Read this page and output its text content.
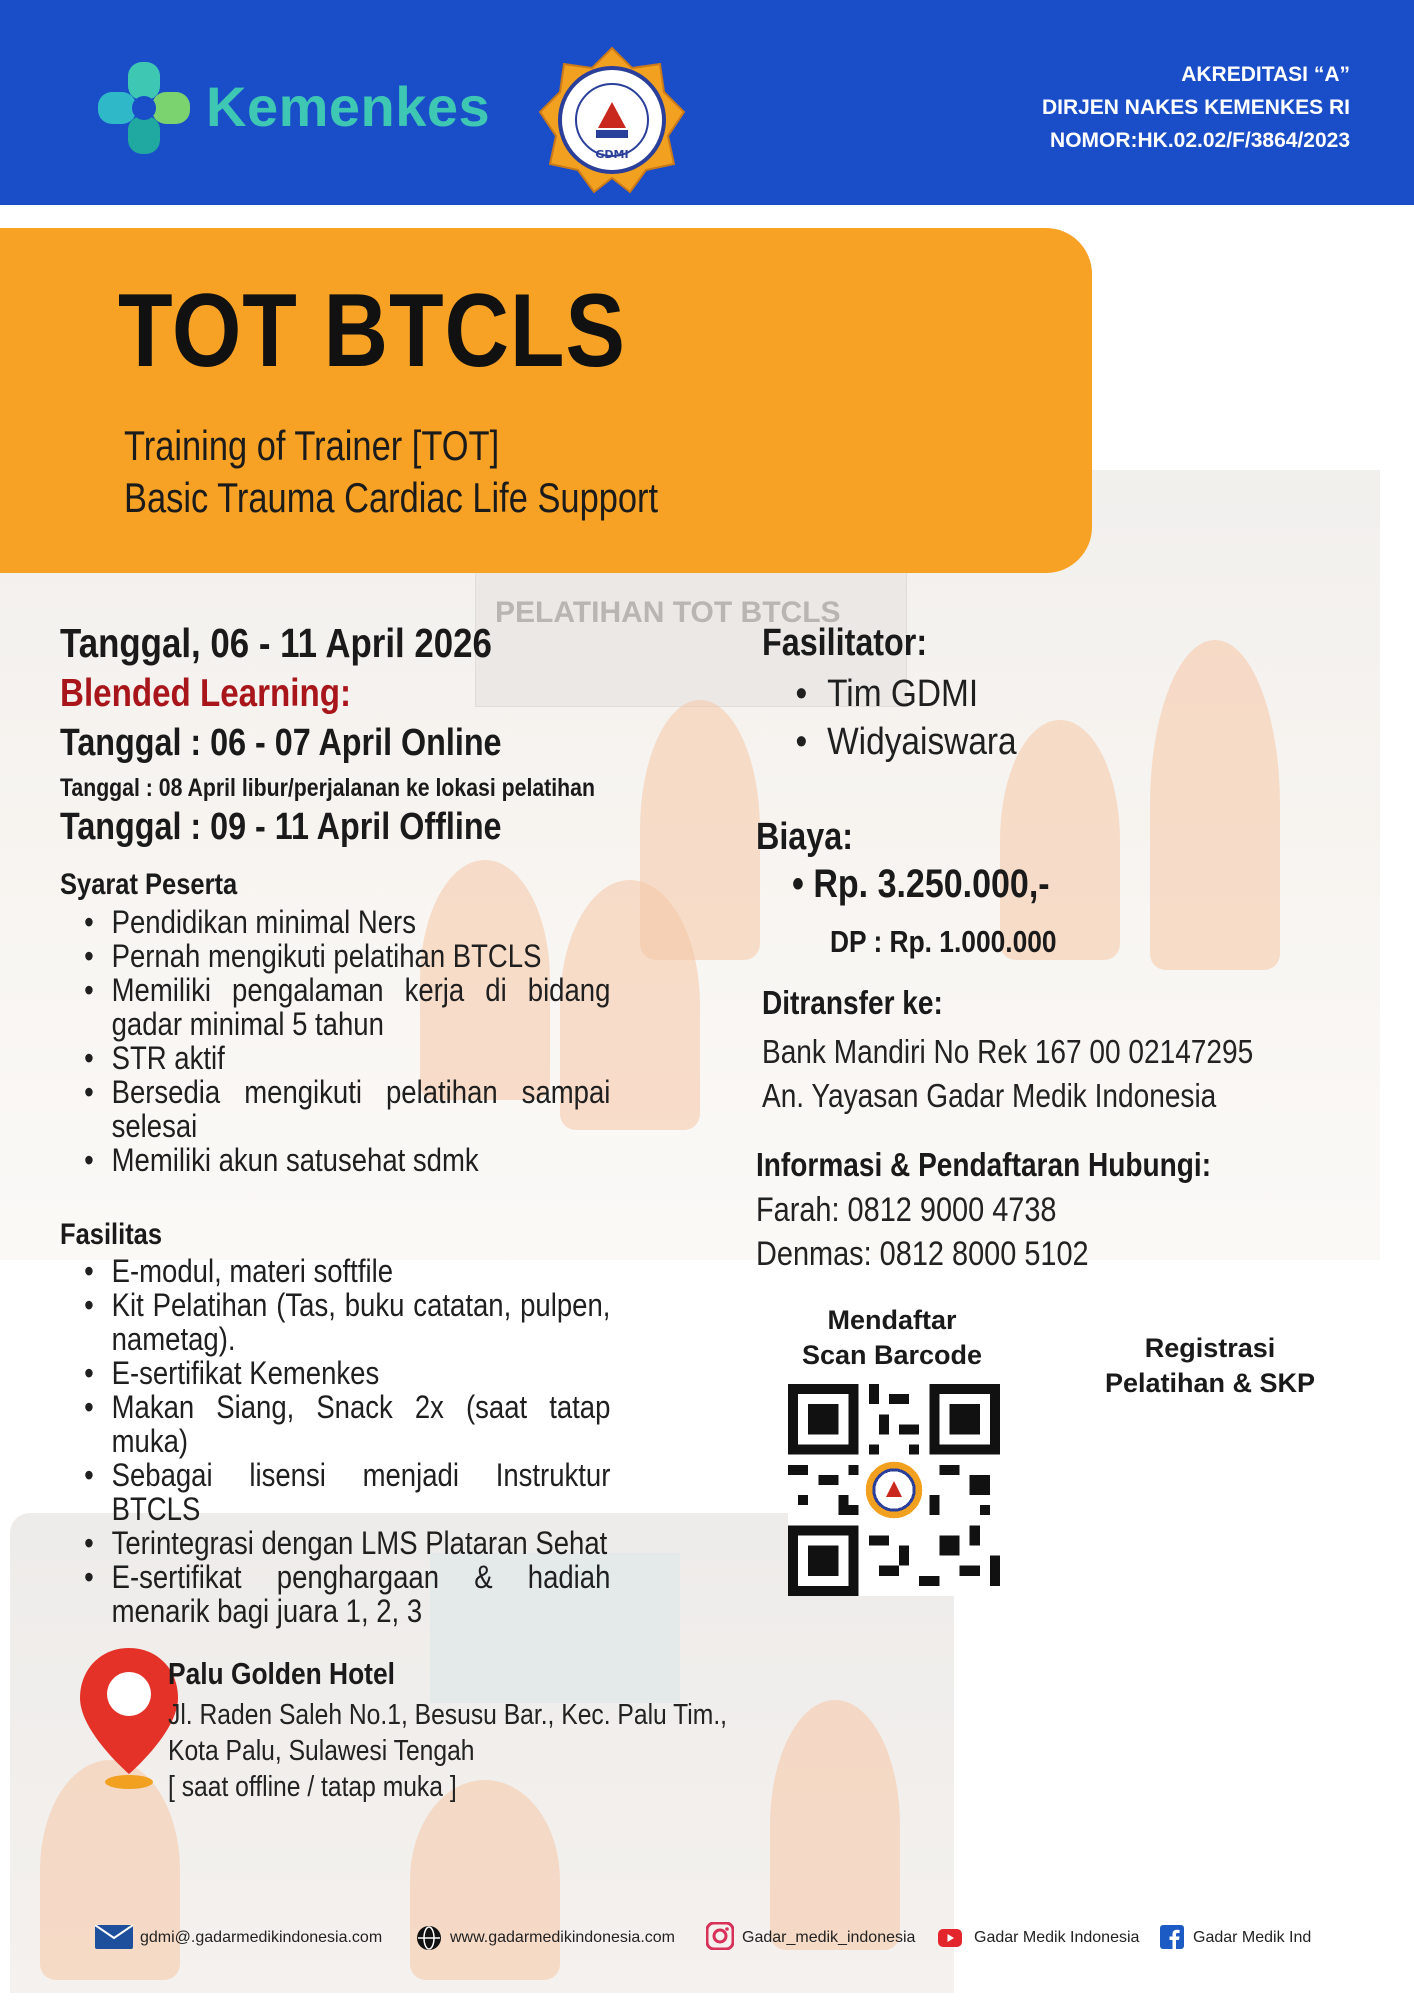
Kemenkes
GDMI
AKREDITASI “A”
DIRJEN NAKES KEMENKES RI
NOMOR:HK.02.02/F/3864/2023
PELATIHAN TOT BTCLS
TOT BTCLS
Training of Trainer [TOT]
Basic Trauma Cardiac Life Support
Tanggal, 06 - 11 April 2026
Blended Learning:
Tanggal : 06 - 07 April Online
Tanggal : 08 April libur/perjalanan ke lokasi pelatihan
Tanggal : 09 - 11 April Offline
Syarat Peserta
• Pendidikan minimal Ners
• Pernah mengikuti pelatihan BTCLS
• Memiliki pengalaman kerja di bidang gadar minimal 5 tahun
• STR aktif
• Bersedia mengikuti pelatihan sampai selesai
• Memiliki akun satusehat sdmk
Fasilitas
• E-modul, materi softfile
• Kit Pelatihan (Tas, buku catatan, pulpen, nametag).
• E-sertifikat Kemenkes
• Makan Siang, Snack 2x (saat tatap muka)
• Sebagai lisensi menjadi Instruktur BTCLS
• Terintegrasi dengan LMS Plataran Sehat
• E-sertifikat penghargaan & hadiah menarik bagi juara 1, 2, 3
Fasilitator:
• Tim GDMI
• Widyaiswara
Biaya:
• Rp. 3.250.000,-
DP : Rp. 1.000.000
Ditransfer ke:
Bank Mandiri No Rek 167 00 02147295
An. Yayasan Gadar Medik Indonesia
Informasi & Pendaftaran Hubungi:
Farah: 0812 9000 4738
Denmas: 0812 8000 5102
Mendaftar
Scan Barcode	Registrasi
Pelatihan & SKP
Palu Golden Hotel
Jl. Raden Saleh No.1, Besusu Bar., Kec. Palu Tim.,
Kota Palu, Sulawesi Tengah
[ saat offline / tatap muka ]
gdmi@.gadarmedikindonesia.com	www.gadarmedikindonesia.com	Gadar_medik_indonesia	Gadar Medik Indonesia	Gadar Medik Ind
